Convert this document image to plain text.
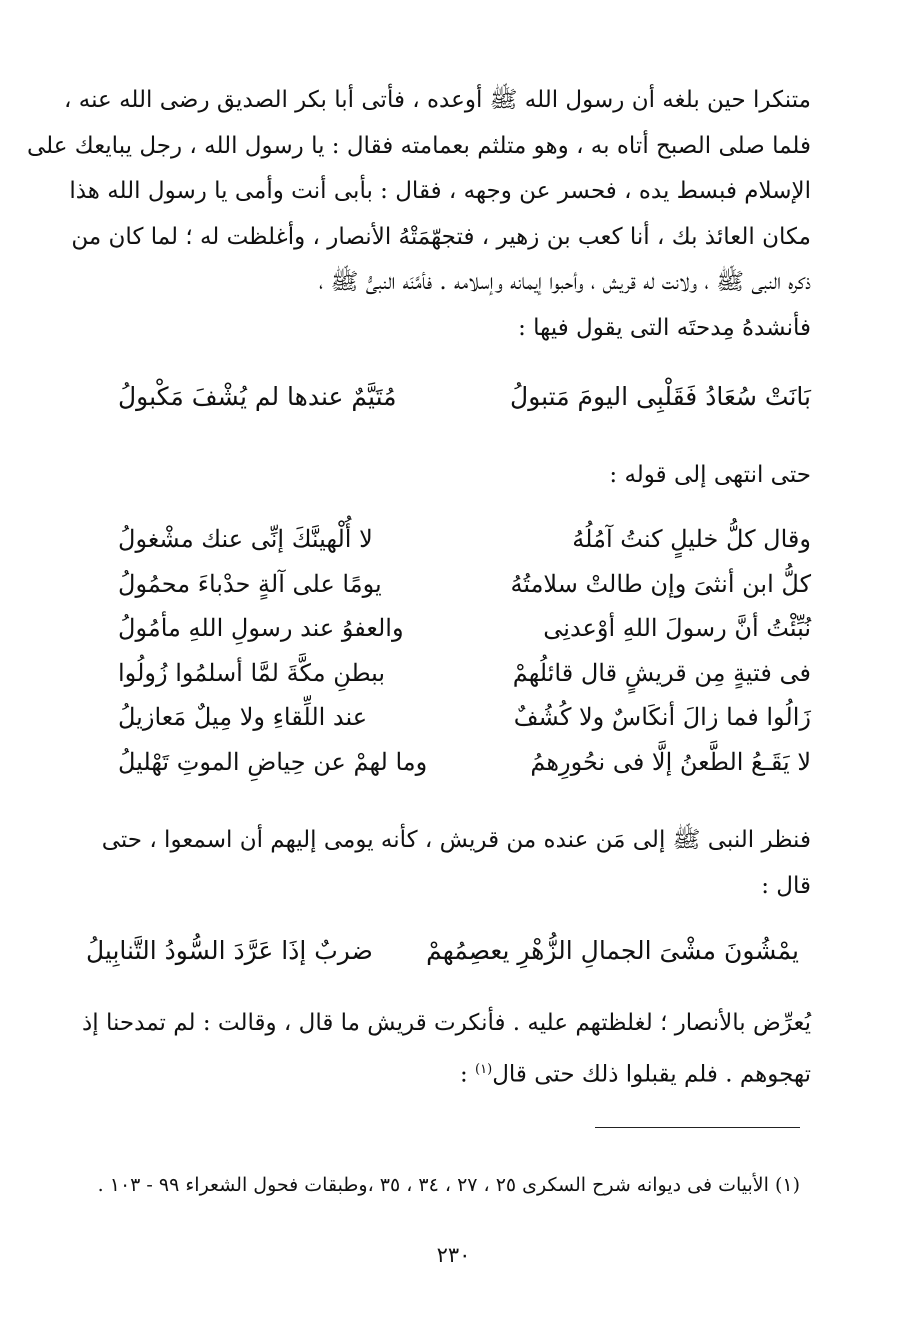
متنكرا حين بلغه أن رسول الله ﷺ أوعده ، فأتى أبا بكر الصديق رضى الله عنه ،
فلما صلى الصبح أتاه به ، وهو متلثم بعمامته فقال : يا رسول الله ، رجل يبايعك على
الإسلام فبسط يده ، فحسر عن وجهه ، فقال : بأبى أنت وأمى يا رسول الله هذا
مكان العائذ بك ، أنا كعب بن زهير ، فتجهّمَتْهُ الأنصار ، وأغلظت له ؛ لما كان من
ذكره النبى ﷺ ، ولانت له قريش ، وأحبوا إيمانه وإسلامه . فأمَّنَه النبىُّ ﷺ ،
فأنشدهُ مِدحتَه التى يقول فيها :

بَانَتْ سُعَادُ فَقَلْبِى اليومَ مَتبولُ
مُتَيَّمٌ عندها لم يُشْفَ مَكْبولُ

حتى انتهى إلى قوله :

وقال كلُّ خليلٍ كنتُ آمُلُهُ
لا أُلْهينَّكَ إنِّى عنك مشْغولُ
كلُّ ابن أنثىَ وإن طالتْ سلامتُهُ
يومًا على آلةٍ حدْباءَ محمُولُ
نُبِّئْتُ أنَّ رسولَ اللهِ أوْعدنِى
والعفوُ عند رسولِ اللهِ مأمُولُ
فى فتيةٍ مِن قريشٍ قال قائلُهمْ
ببطنِ مكَّةَ لمَّا أسلمُوا زُولُوا
زَالُوا فما زالَ أنكَاسٌ ولا كُشُفٌ
عند اللِّقاءِ ولا مِيلٌ مَعازيلُ
لا يَقَـعُ الطَّعنُ إلَّا فى نحُورِهمُ
وما لهمْ عن حِياضِ الموتِ تَهْليلُ

فنظر النبى ﷺ إلى مَن عنده من قريش ، كأنه يومى إليهم أن اسمعوا ، حتى
قال :

يمْشُونَ مشْىَ الجمالِ الزُّهْرِ يعصِمُهمْ
ضربٌ إذَا عَرَّدَ السُّودُ التَّنابِيلُ

يُعرِّض بالأنصار ؛ لغلظتهم عليه . فأنكرت قريش ما قال ، وقالت : لم تمدحنا إذ
تهجوهم . فلم يقبلوا ذلك حتى قال$^{(١)}$ :

(١) الأبيات فى ديوانه شرح السكرى ٢٥ ، ٢٧ ، ٣٤ ، ٣٥ ،وطبقات فحول الشعراء ٩٩ - ١٠٣ .
٢٣٠
